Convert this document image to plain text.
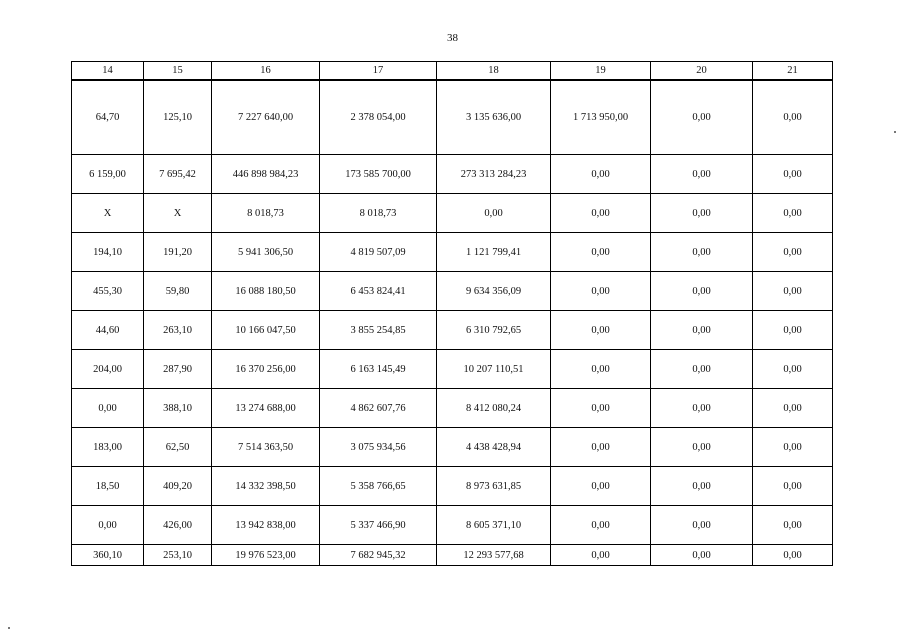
38
14	15	16	17	18	19	20	21
64,70	125,10	7 227 640,00	2 378 054,00	3 135 636,00	1 713 950,00	0,00	0,00
6 159,00	7 695,42	446 898 984,23	173 585 700,00	273 313 284,23	0,00	0,00	0,00
X	X	8 018,73	8 018,73	0,00	0,00	0,00	0,00
194,10	191,20	5 941 306,50	4 819 507,09	1 121 799,41	0,00	0,00	0,00
455,30	59,80	16 088 180,50	6 453 824,41	9 634 356,09	0,00	0,00	0,00
44,60	263,10	10 166 047,50	3 855 254,85	6 310 792,65	0,00	0,00	0,00
204,00	287,90	16 370 256,00	6 163 145,49	10 207 110,51	0,00	0,00	0,00
0,00	388,10	13 274 688,00	4 862 607,76	8 412 080,24	0,00	0,00	0,00
183,00	62,50	7 514 363,50	3 075 934,56	4 438 428,94	0,00	0,00	0,00
18,50	409,20	14 332 398,50	5 358 766,65	8 973 631,85	0,00	0,00	0,00
0,00	426,00	13 942 838,00	5 337 466,90	8 605 371,10	0,00	0,00	0,00
360,10	253,10	19 976 523,00	7 682 945,32	12 293 577,68	0,00	0,00	0,00
